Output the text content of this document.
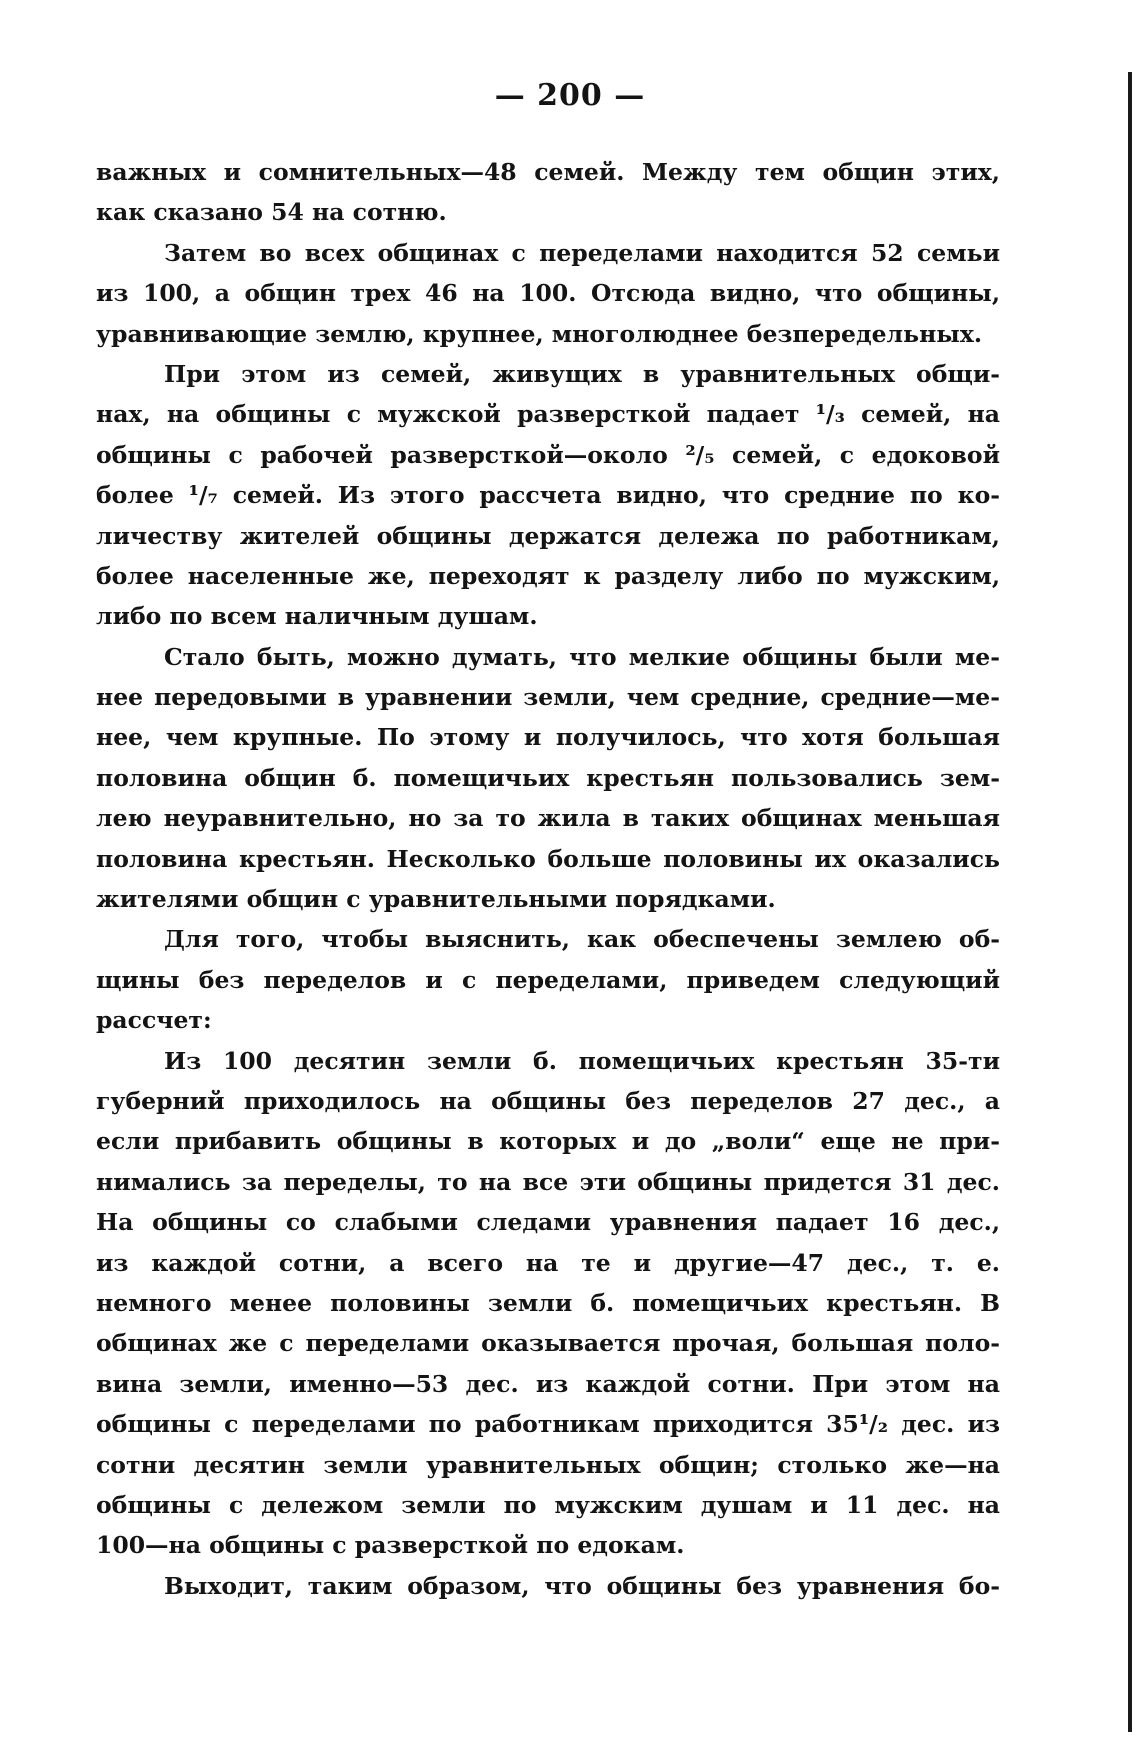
— 200 —
важных и сомнительных—48 семей. Между тем общин этих,
как сказано 54 на сотню.
Затем во всех общинах с переделами находится 52 семьи
из 100, а общин трех 46 на 100. Отсюда видно, что общины,
уравнивающие землю, крупнее, многолюднее безпередельных.
При этом из семей, живущих в уравнительных общи-
нах, на общины с мужской разверсткой падает ¹/₃ семей, на
общины с рабочей разверсткой—около ²/₅ семей, с едоковой
более ¹/₇ семей. Из этого рассчета видно, что средние по ко-
личеству жителей общины держатся дележа по работникам,
более населенные же, переходят к разделу либо по мужским,
либо по всем наличным душам.
Стало быть, можно думать, что мелкие общины были ме-
нее передовыми в уравнении земли, чем средние, средние—ме-
нее, чем крупные. По этому и получилось, что хотя большая
половина общин б. помещичьих крестьян пользовались зем-
лею неуравнительно, но за то жила в таких общинах меньшая
половина крестьян. Несколько больше половины их оказались
жителями общин с уравнительными порядками.
Для того, чтобы выяснить, как обеспечены землею об-
щины без переделов и с переделами, приведем следующий
рассчет:
Из 100 десятин земли б. помещичьих крестьян 35-ти
губерний приходилось на общины без переделов 27 дес., а
если прибавить общины в которых и до „воли“ еще не при-
нимались за переделы, то на все эти общины придется 31 дес.
На общины со слабыми следами уравнения падает 16 дес.,
из каждой сотни, а всего на те и другие—47 дес., т. е.
немного менее половины земли б. помещичьих крестьян. В
общинах же с переделами оказывается прочая, большая поло-
вина земли, именно—53 дес. из каждой сотни. При этом на
общины с переделами по работникам приходится 35¹/₂ дес. из
сотни десятин земли уравнительных общин; столько же—на
общины с дележом земли по мужским душам и 11 дес. на
100—на общины с разверсткой по едокам.
Выходит, таким образом, что общины без уравнения бо-
